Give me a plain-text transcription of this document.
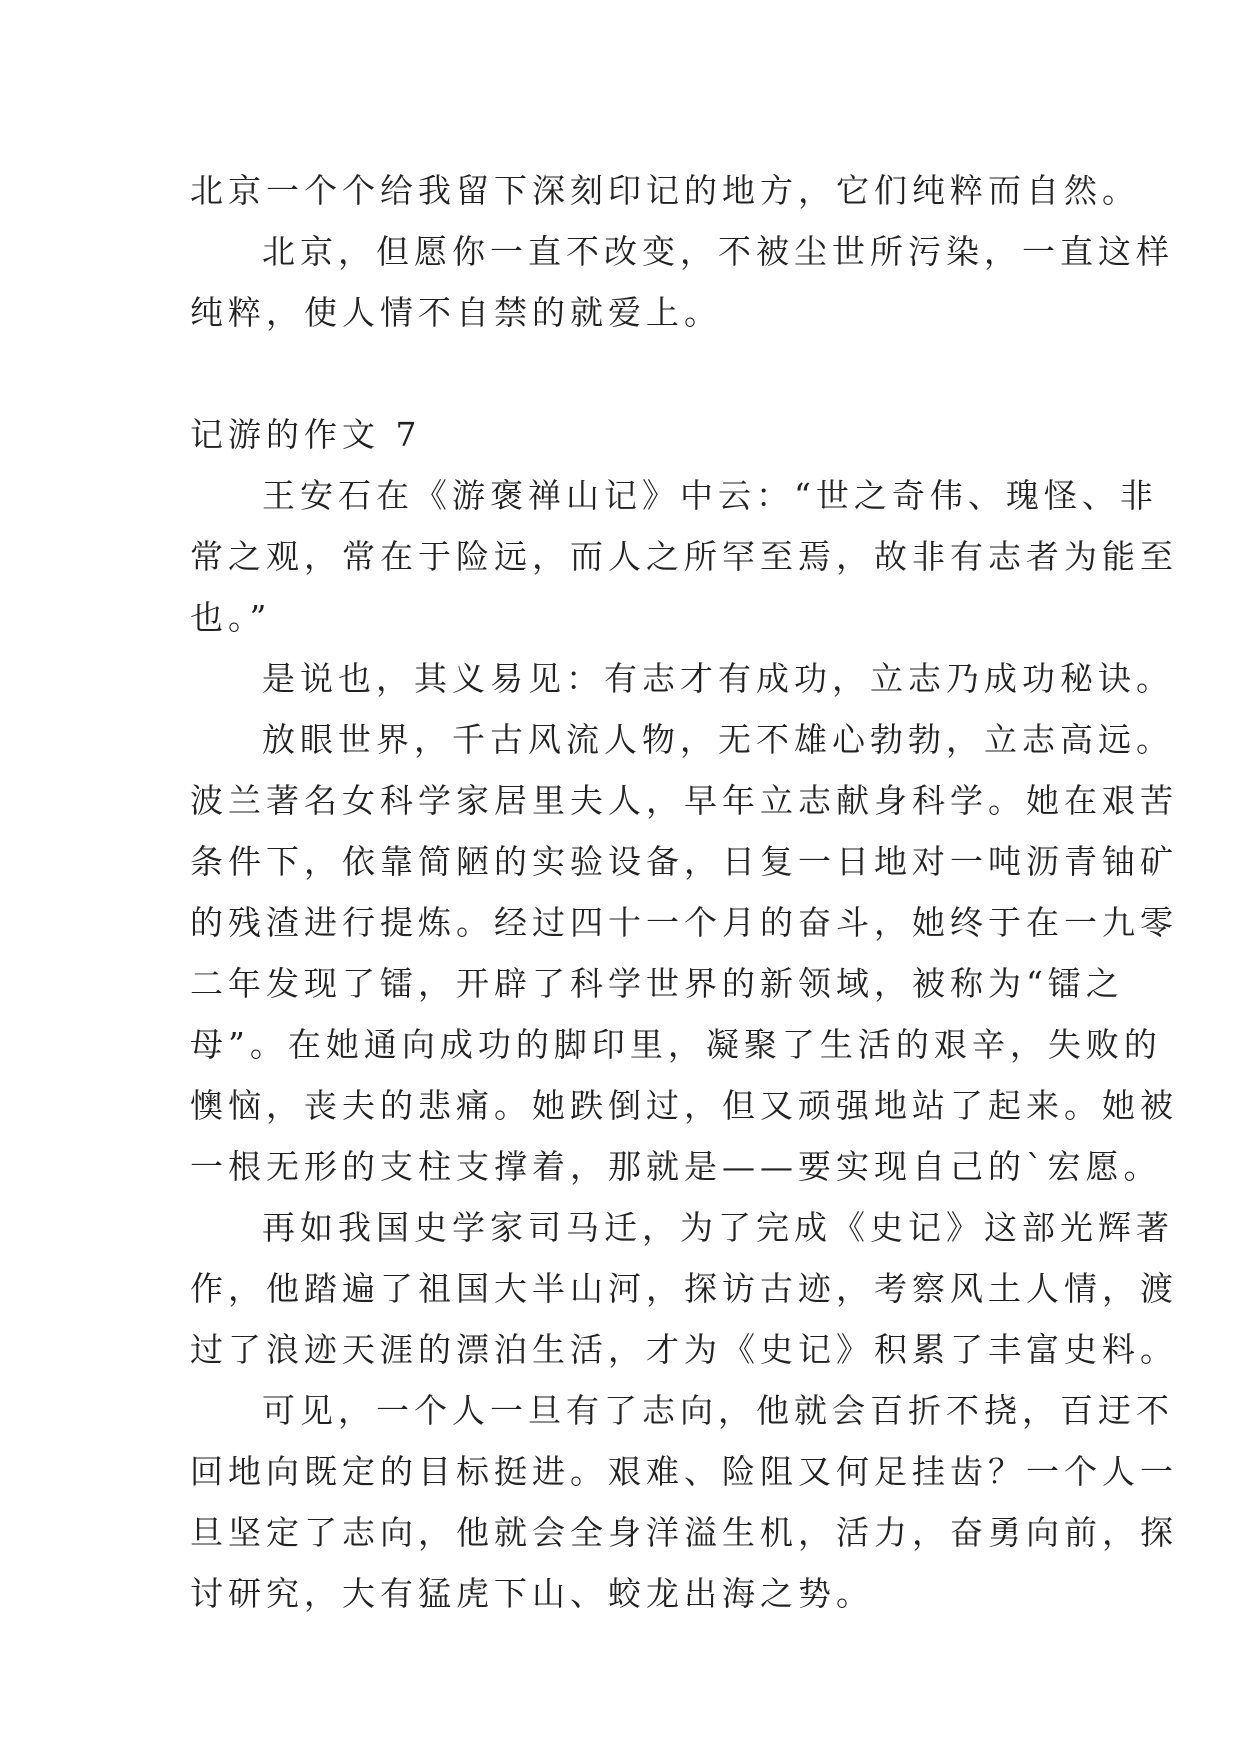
北京一个个给我留下深刻印记的地方，它们纯粹而自然。
北京，但愿你一直不改变，不被尘世所污染，一直这样
纯粹，使人情不自禁的就爱上。
记游的作文 7
王安石在《游褒禅山记》中云：“世之奇伟、瑰怪、非
常之观，常在于险远，而人之所罕至焉，故非有志者为能至
也。”
是说也，其义易见：有志才有成功，立志乃成功秘诀。
放眼世界，千古风流人物，无不雄心勃勃，立志高远。
波兰著名女科学家居里夫人，早年立志献身科学。她在艰苦
条件下，依靠简陋的实验设备，日复一日地对一吨沥青铀矿
的残渣进行提炼。经过四十一个月的奋斗，她终于在一九零
二年发现了镭，开辟了科学世界的新领域，被称为“镭之
母”。在她通向成功的脚印里，凝聚了生活的艰辛，失败的
懊恼，丧夫的悲痛。她跌倒过，但又顽强地站了起来。她被
一根无形的支柱支撑着，那就是——要实现自己的`宏愿。
再如我国史学家司马迁，为了完成《史记》这部光辉著
作，他踏遍了祖国大半山河，探访古迹，考察风土人情，渡
过了浪迹天涯的漂泊生活，才为《史记》积累了丰富史料。
可见，一个人一旦有了志向，他就会百折不挠，百迂不
回地向既定的目标挺进。艰难、险阻又何足挂齿？一个人一
旦坚定了志向，他就会全身洋溢生机，活力，奋勇向前，探
讨研究，大有猛虎下山、蛟龙出海之势。
